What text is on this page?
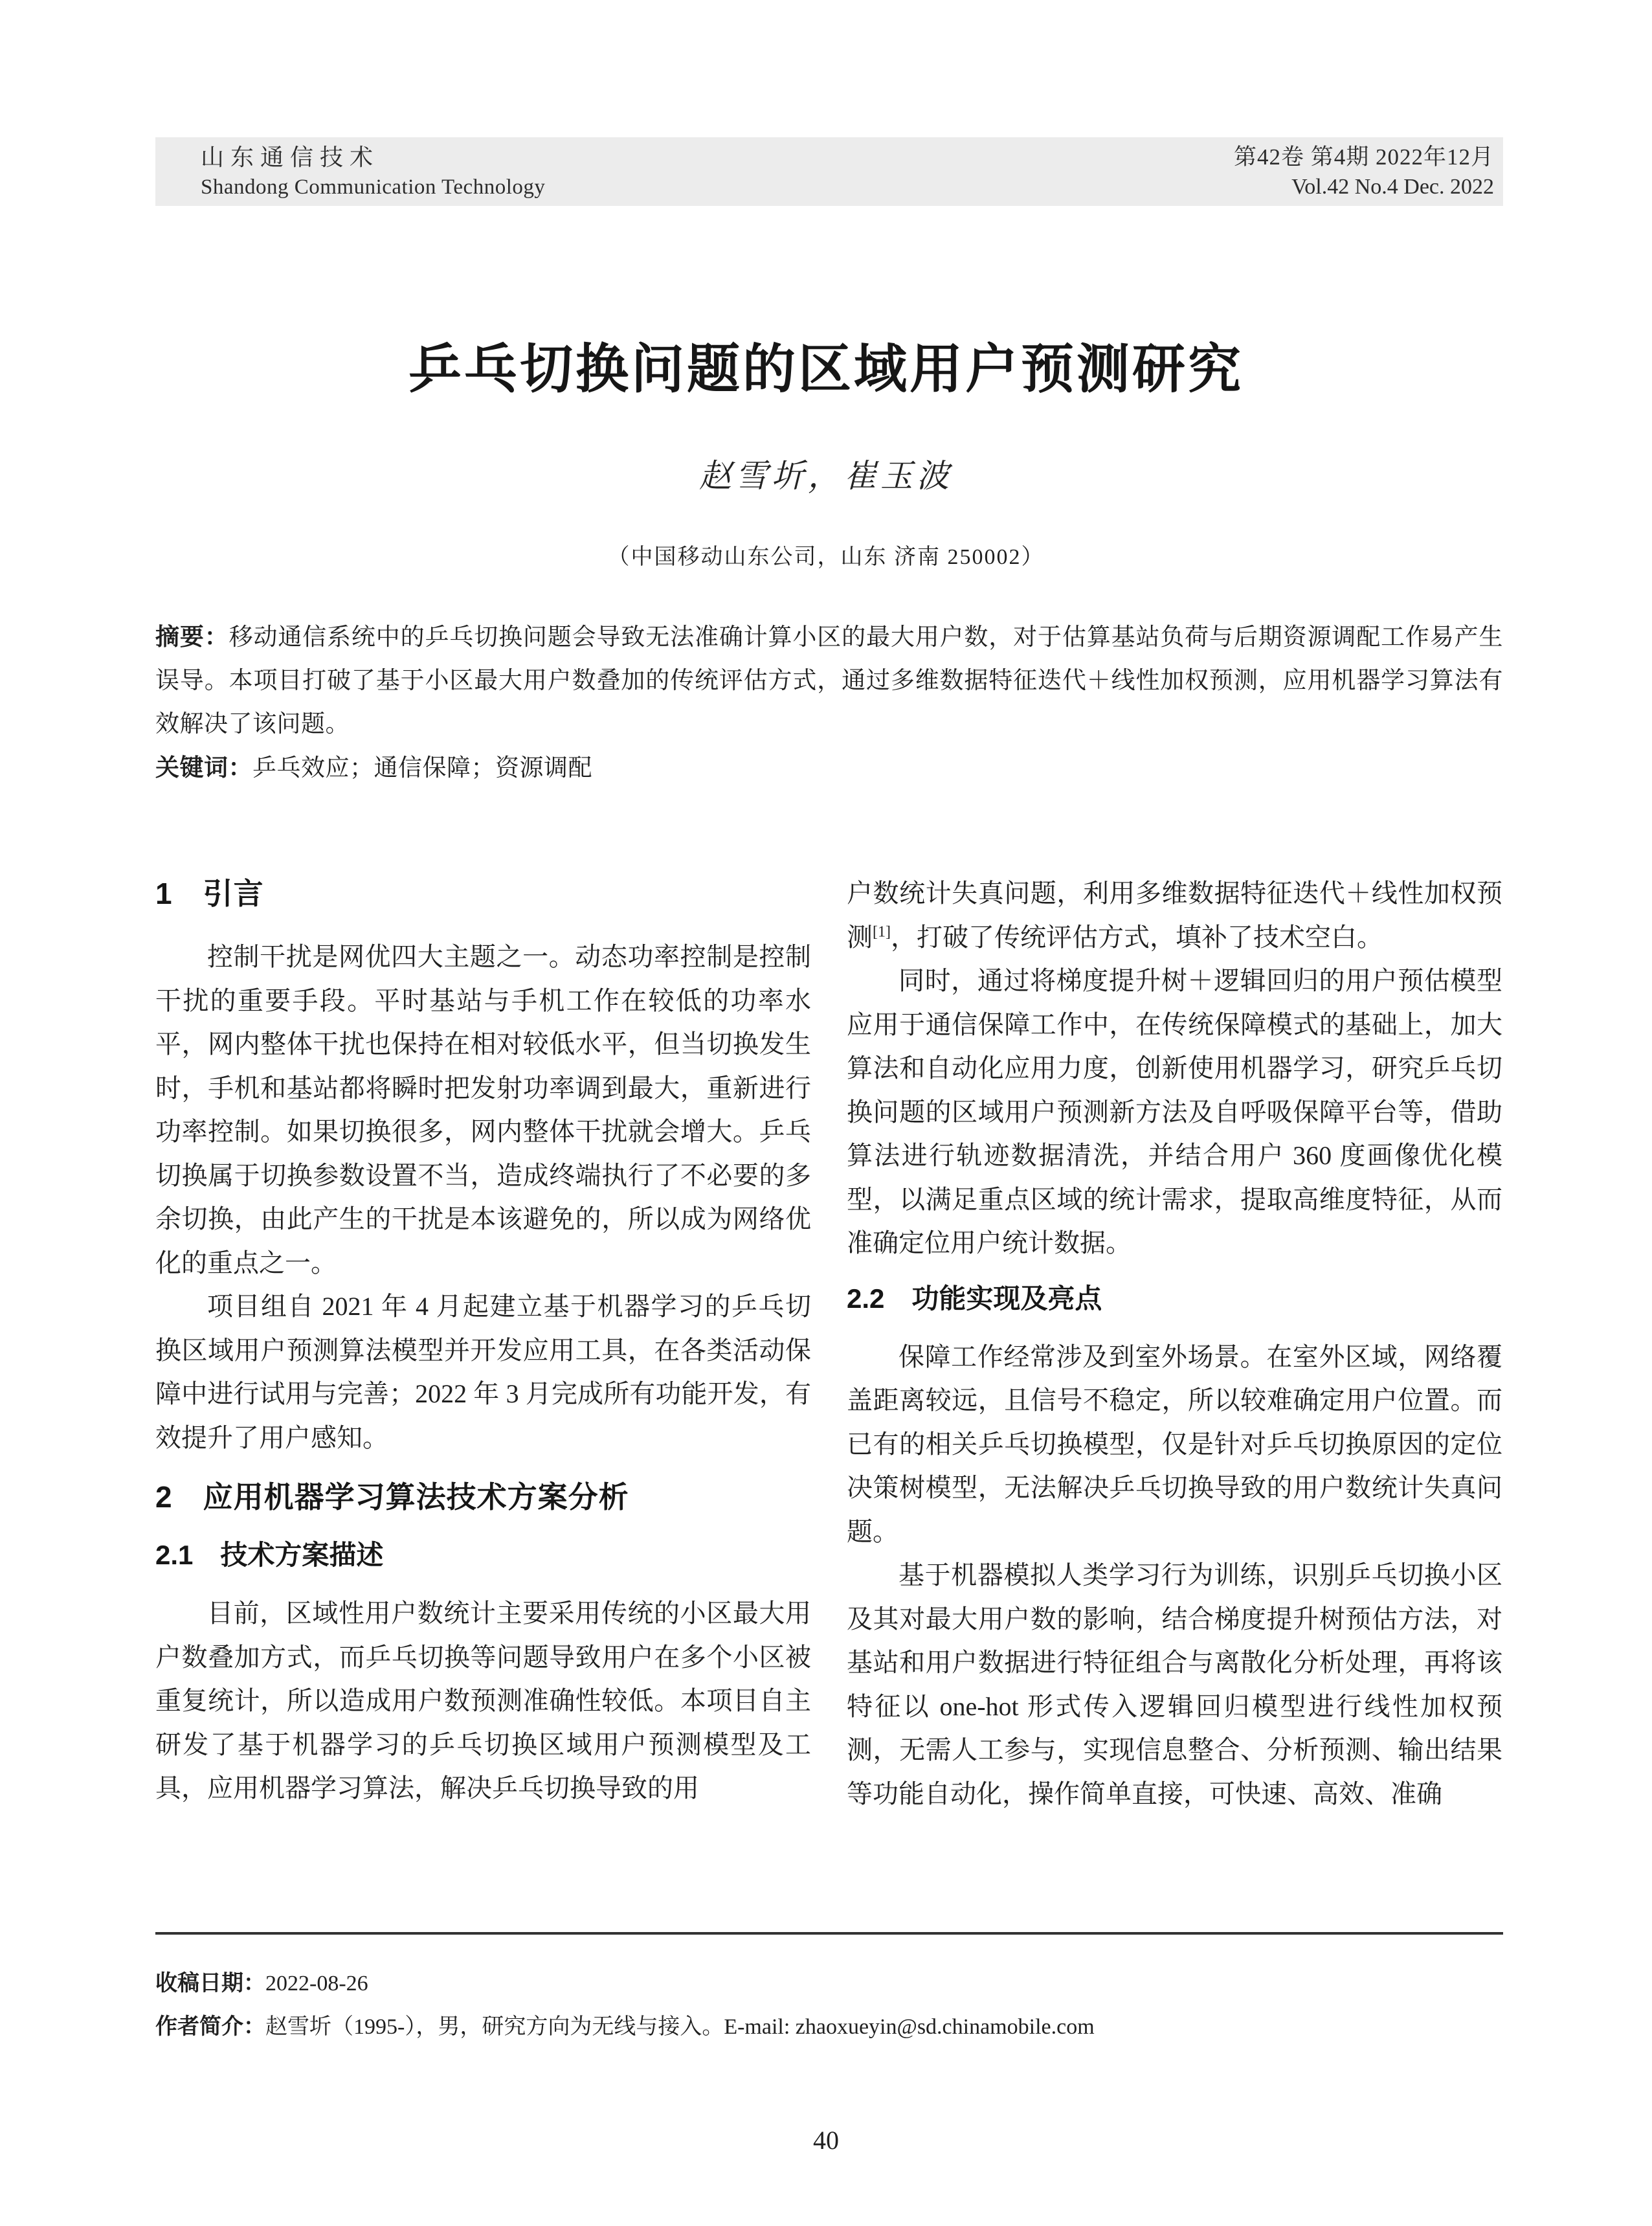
山东通信技术
Shandong Communication Technology
第42卷 第4期 2022年12月
Vol.42 No.4 Dec. 2022
乒乓切换问题的区域用户预测研究
赵雪圻，崔玉波
（中国移动山东公司，山东 济南 250002）

摘要：移动通信系统中的乒乓切换问题会导致无法准确计算小区的最大用户数，对于估算基站负荷与后期资源调配工作易产生误导。本项目打破了基于小区最大用户数叠加的传统评估方式，通过多维数据特征迭代＋线性加权预测，应用机器学习算法有效解决了该问题。

关键词：乒乓效应；通信保障；资源调配

1　引言

控制干扰是网优四大主题之一。动态功率控制是控制干扰的重要手段。平时基站与手机工作在较低的功率水平，网内整体干扰也保持在相对较低水平，但当切换发生时，手机和基站都将瞬时把发射功率调到最大，重新进行功率控制。如果切换很多，网内整体干扰就会增大。乒乓切换属于切换参数设置不当，造成终端执行了不必要的多余切换，由此产生的干扰是本该避免的，所以成为网络优化的重点之一。

项目组自 2021 年 4 月起建立基于机器学习的乒乓切换区域用户预测算法模型并开发应用工具，在各类活动保障中进行试用与完善；2022 年 3 月完成所有功能开发，有效提升了用户感知。

2　应用机器学习算法技术方案分析
2.1　技术方案描述

目前，区域性用户数统计主要采用传统的小区最大用户数叠加方式，而乒乓切换等问题导致用户在多个小区被重复统计，所以造成用户数预测准确性较低。本项目自主研发了基于机器学习的乒乓切换区域用户预测模型及工具，应用机器学习算法，解决乒乓切换导致的用

户数统计失真问题，利用多维数据特征迭代＋线性加权预测[1]，打破了传统评估方式，填补了技术空白。

同时，通过将梯度提升树＋逻辑回归的用户预估模型应用于通信保障工作中，在传统保障模式的基础上，加大算法和自动化应用力度，创新使用机器学习，研究乒乓切换问题的区域用户预测新方法及自呼吸保障平台等，借助算法进行轨迹数据清洗，并结合用户 360 度画像优化模型，以满足重点区域的统计需求，提取高维度特征，从而准确定位用户统计数据。

2.2　功能实现及亮点

保障工作经常涉及到室外场景。在室外区域，网络覆盖距离较远，且信号不稳定，所以较难确定用户位置。而已有的相关乒乓切换模型，仅是针对乒乓切换原因的定位决策树模型，无法解决乒乓切换导致的用户数统计失真问题。

基于机器模拟人类学习行为训练，识别乒乓切换小区及其对最大用户数的影响，结合梯度提升树预估方法，对基站和用户数据进行特征组合与离散化分析处理，再将该特征以 one-hot 形式传入逻辑回归模型进行线性加权预测，无需人工参与，实现信息整合、分析预测、输出结果等功能自动化，操作简单直接，可快速、高效、准确

收稿日期：2022-08-26

作者简介：赵雪圻（1995-），男，研究方向为无线与接入。E-mail: zhaoxueyin@sd.chinamobile.com

40
